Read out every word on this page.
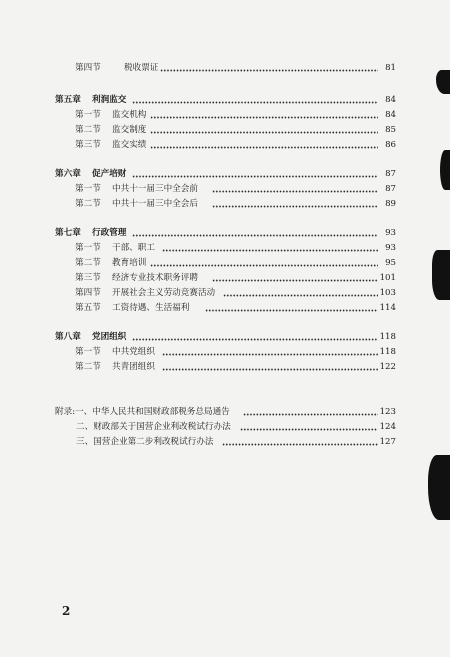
第四节	税收票证	81
第五章 利润监交	84
第一节 监交机构	84
第二节 监交制度	85
第三节 监交实绩	86
第六章 促产培财	87
第一节 中共十一届三中全会前	87
第二节 中共十一届三中全会后	89
第七章 行政管理	93
第一节 干部、职工	93
第二节 教育培训	95
第三节 经济专业技术职务评聘	101
第四节 开展社会主义劳动竞赛活动	103
第五节 工资待遇、生活福利	114
第八章 党团组织	118
第一节 中共党组织	118
第二节 共青团组织	122
附录:一、中华人民共和国财政部税务总局通告	123
二、财政部关于国营企业利改税试行办法	124
三、国营企业第二步利改税试行办法	127
2
